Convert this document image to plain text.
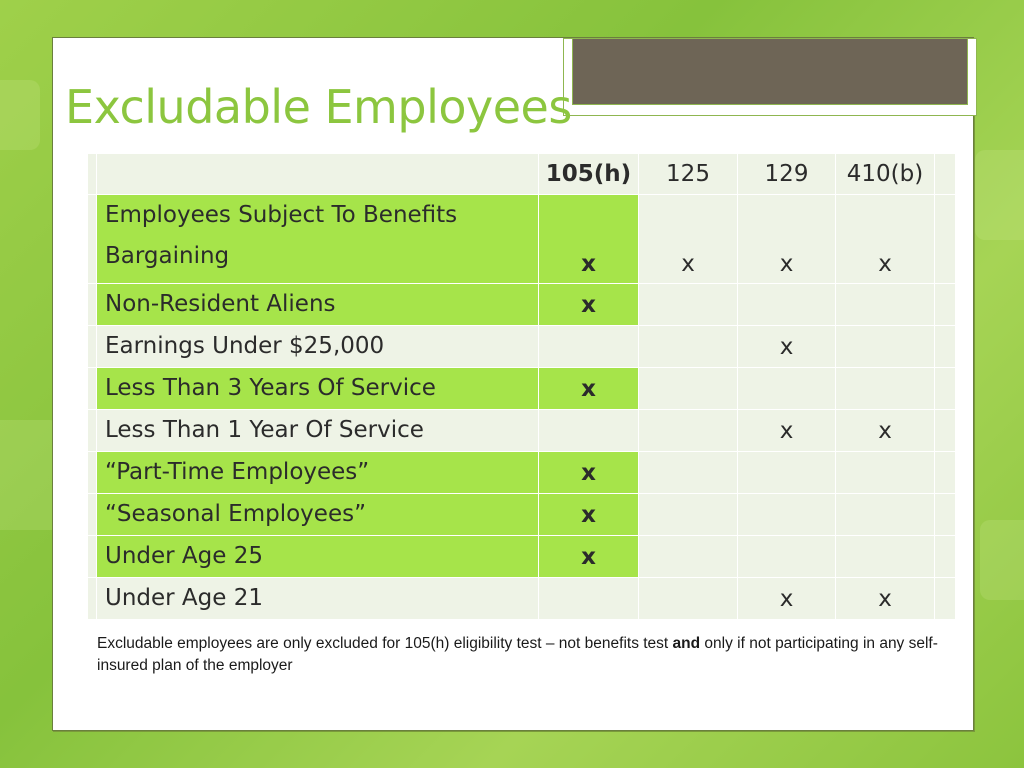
Excludable Employees
		105(h)	125	129	410(b)	
	Employees Subject To Benefits Bargaining	x	x	x	x	
	Non-Resident Aliens	x				
	Earnings Under $25,000			x		
	Less Than 3 Years Of Service	x				
	Less Than 1 Year Of Service			x	x	
	“Part-Time Employees”	x				
	“Seasonal Employees”	x				
	Under Age 25	x				
	Under Age 21			x	x	
Excludable employees are only excluded for 105(h) eligibility test – not benefits test and only if not participating in any self-insured plan of the employer
